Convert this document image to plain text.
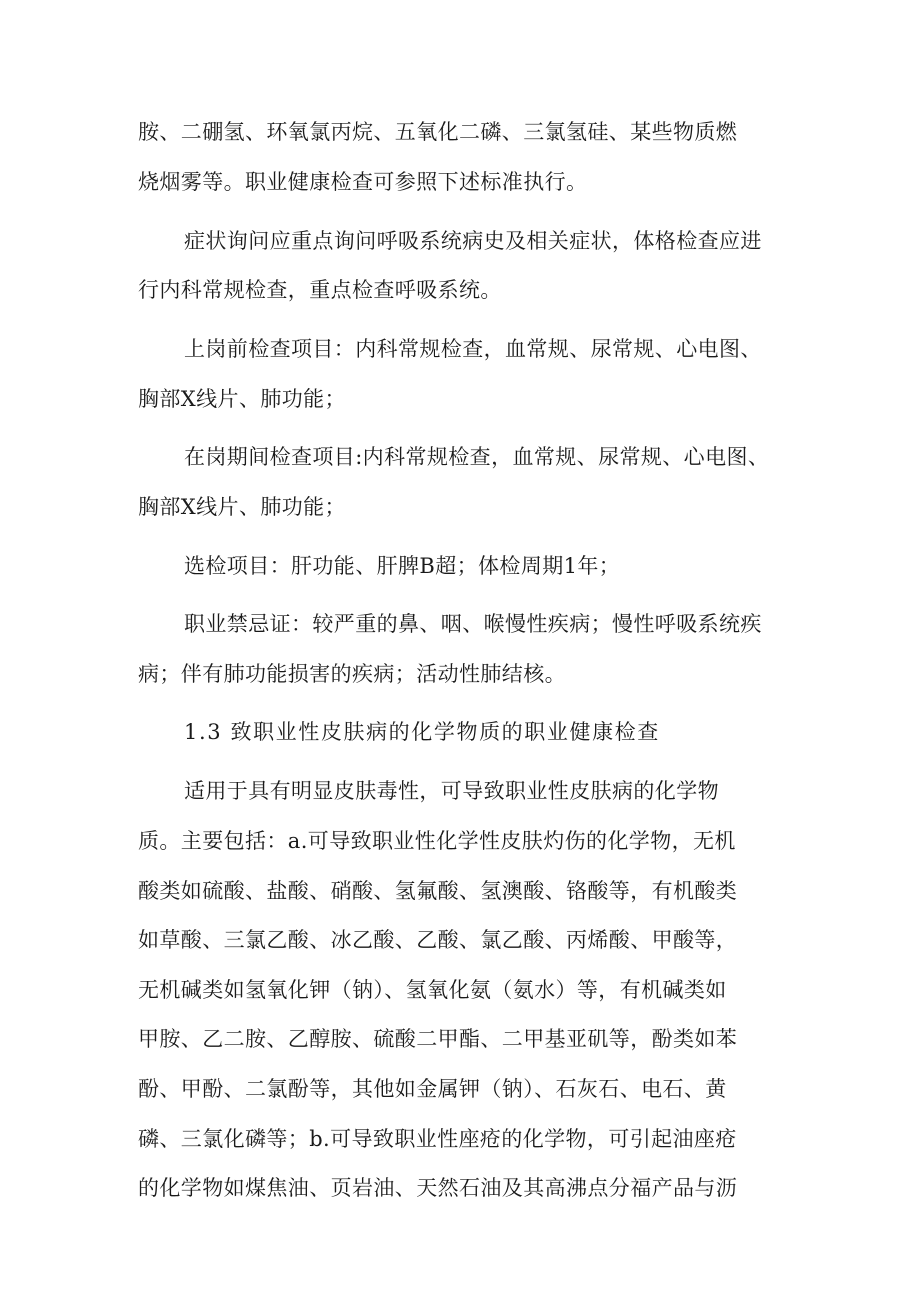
胺、二硼氢、环氧氯丙烷、五氧化二磷、三氯氢硅、某些物质燃
烧烟雾等。职业健康检查可参照下述标准执行。
症状询问应重点询问呼吸系统病史及相关症状，体格检查应进
行内科常规检查，重点检查呼吸系统。
上岗前检查项目：内科常规检查，血常规、尿常规、心电图、
胸部X线片、肺功能；
在岗期间检查项目:内科常规检查，血常规、尿常规、心电图、
胸部X线片、肺功能；
选检项目：肝功能、肝脾B超；体检周期1年；
职业禁忌证：较严重的鼻、咽、喉慢性疾病；慢性呼吸系统疾
病；伴有肺功能损害的疾病；活动性肺结核。
1.3 致职业性皮肤病的化学物质的职业健康检查
适用于具有明显皮肤毒性，可导致职业性皮肤病的化学物
质。主要包括：a.可导致职业性化学性皮肤灼伤的化学物，无机
酸类如硫酸、盐酸、硝酸、氢氟酸、氢澳酸、铬酸等，有机酸类
如草酸、三氯乙酸、冰乙酸、乙酸、氯乙酸、丙烯酸、甲酸等，
无机碱类如氢氧化钾（钠）、氢氧化氨（氨水）等，有机碱类如
甲胺、乙二胺、乙醇胺、硫酸二甲酯、二甲基亚矶等，酚类如苯
酚、甲酚、二氯酚等，其他如金属钾（钠）、石灰石、电石、黄
磷、三氯化磷等；b.可导致职业性座疮的化学物，可引起油座疮
的化学物如煤焦油、页岩油、天然石油及其高沸点分福产品与沥
